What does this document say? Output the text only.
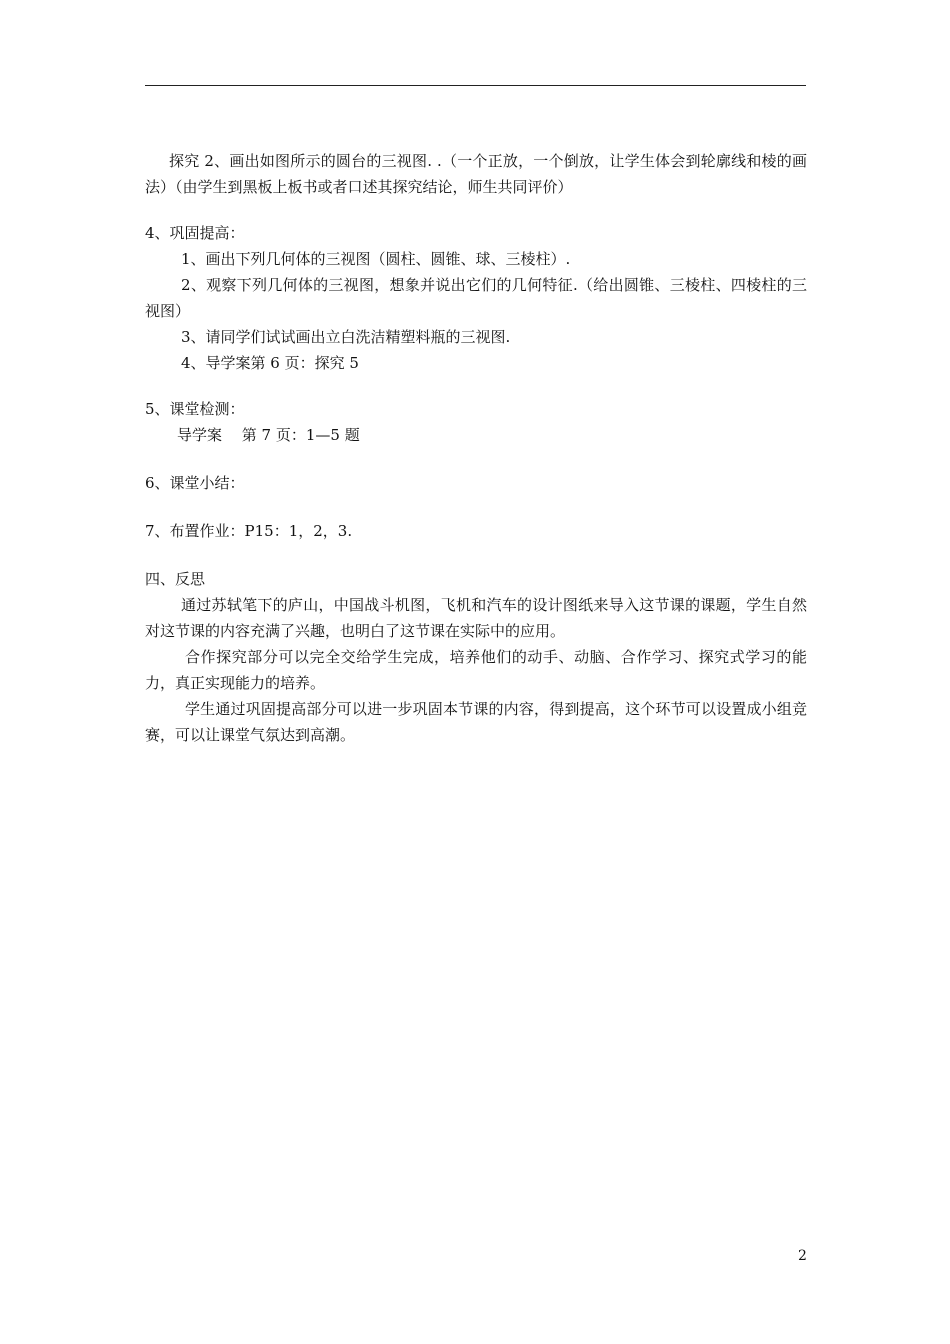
探究 2、画出如图所示的圆台的三视图. .（一个正放，一个倒放，让学生体会到轮廓线和棱的画法）（由学生到黑板上板书或者口述其探究结论，师生共同评价）

4、巩固提高：

1、画出下列几何体的三视图（圆柱、圆锥、球、三棱柱）.

2、观察下列几何体的三视图，想象并说出它们的几何特征.（给出圆锥、三棱柱、四棱柱的三视图）

3、请同学们试试画出立白洗洁精塑料瓶的三视图.

4、导学案第 6 页：探究 5

5、课堂检测：

导学案　 第 7 页：1—5 题

6、课堂小结：

7、布置作业：P15：1，2，3.

四、反思

通过苏轼笔下的庐山，中国战斗机图，飞机和汽车的设计图纸来导入这节课的课题，学生自然对这节课的内容充满了兴趣，也明白了这节课在实际中的应用。

合作探究部分可以完全交给学生完成，培养他们的动手、动脑、合作学习、探究式学习的能力，真正实现能力的培养。

学生通过巩固提高部分可以进一步巩固本节课的内容，得到提高，这个环节可以设置成小组竞赛，可以让课堂气氛达到高潮。

2
